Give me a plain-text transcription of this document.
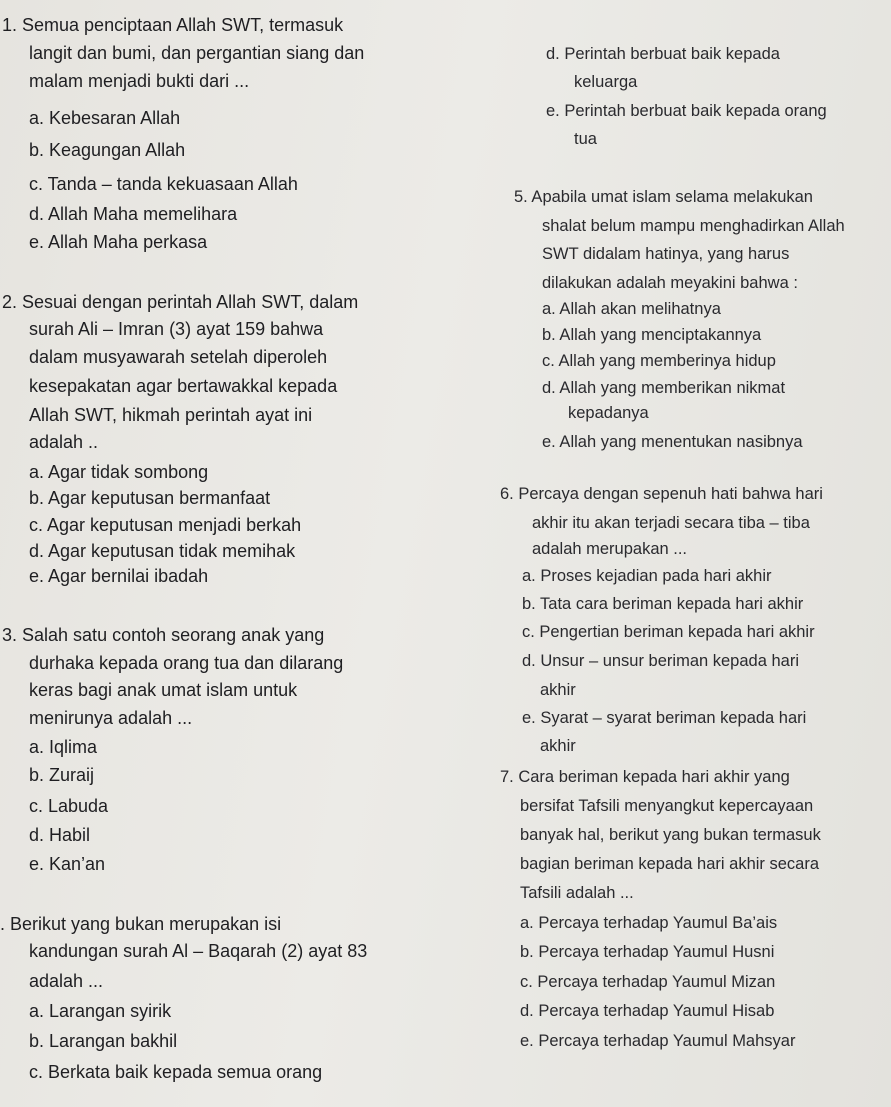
1. Semua penciptaan Allah SWT, termasuk
langit dan bumi, dan pergantian siang dan
malam menjadi bukti dari ...
a. Kebesaran Allah
b. Keagungan Allah
c. Tanda – tanda kekuasaan Allah
d. Allah Maha memelihara
e. Allah Maha perkasa
2. Sesuai dengan perintah Allah SWT, dalam
surah Ali – Imran (3) ayat 159 bahwa
dalam musyawarah setelah diperoleh
kesepakatan agar bertawakkal kepada
Allah SWT, hikmah perintah ayat ini
adalah ..
a. Agar tidak sombong
b. Agar keputusan bermanfaat
c. Agar keputusan menjadi berkah
d. Agar keputusan tidak memihak
e. Agar bernilai ibadah
3. Salah satu contoh seorang anak yang
durhaka kepada orang tua dan dilarang
keras bagi anak umat islam untuk
menirunya adalah ...
a. Iqlima
b. Zuraij
c. Labuda
d. Habil
e. Kan’an
. Berikut yang bukan merupakan isi
kandungan surah Al – Baqarah (2) ayat 83
adalah ...
a. Larangan syirik
b. Larangan bakhil
c. Berkata baik kepada semua orang
d. Perintah berbuat baik kepada
keluarga
e. Perintah berbuat baik kepada orang
tua
5. Apabila umat islam selama melakukan
shalat belum mampu menghadirkan Allah
SWT didalam hatinya, yang harus
dilakukan adalah meyakini bahwa :
a. Allah akan melihatnya
b. Allah yang menciptakannya
c. Allah yang memberinya hidup
d. Allah yang memberikan nikmat
kepadanya
e. Allah yang menentukan nasibnya
6. Percaya dengan sepenuh hati bahwa hari
akhir itu akan terjadi secara tiba – tiba
adalah merupakan ...
a. Proses kejadian pada hari akhir
b. Tata cara beriman kepada hari akhir
c. Pengertian beriman kepada hari akhir
d. Unsur – unsur beriman kepada hari
akhir
e. Syarat – syarat beriman kepada hari
akhir
7. Cara beriman kepada hari akhir yang
bersifat Tafsili menyangkut kepercayaan
banyak hal, berikut yang bukan termasuk
bagian beriman kepada hari akhir secara
Tafsili adalah ...
a. Percaya terhadap Yaumul Ba’ais
b. Percaya terhadap Yaumul Husni
c. Percaya terhadap Yaumul Mizan
d. Percaya terhadap Yaumul Hisab
e. Percaya terhadap Yaumul Mahsyar
